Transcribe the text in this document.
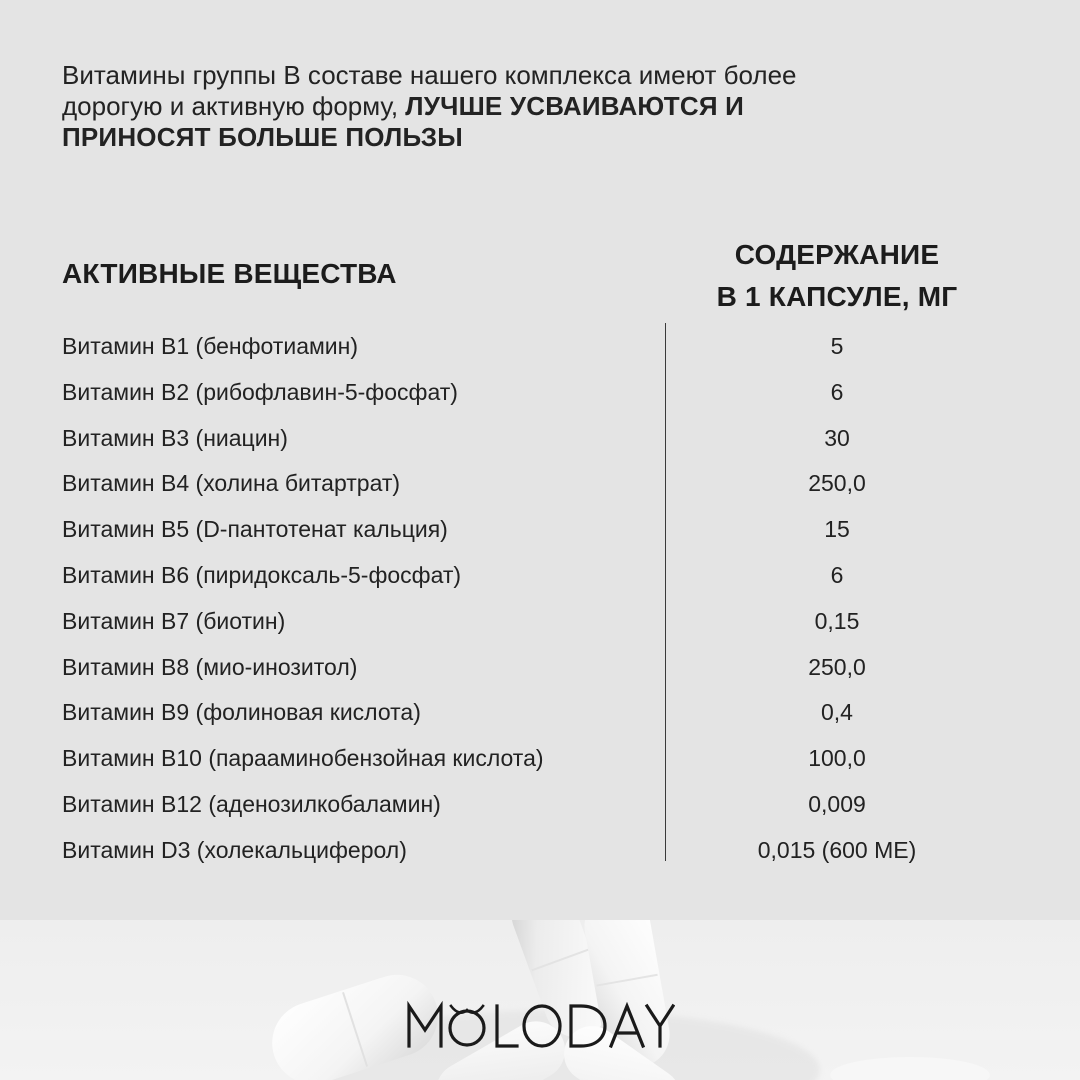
Витамины группы В составе нашего комплекса имеют более дорогую и активную форму, ЛУЧШЕ УСВАИВАЮТСЯ И ПРИНОСЯТ БОЛЬШЕ ПОЛЬЗЫ
АКТИВНЫЕ ВЕЩЕСТВА
СОДЕРЖАНИЕ
В 1 КАПСУЛЕ, МГ
Витамин B1 (бенфотиамин)	5
Витамин B2 (рибофлавин-5-фосфат)	6
Витамин B3 (ниацин)	30
Витамин B4 (холина битартрат)	250,0
Витамин B5 (D-пантотенат кальция)	15
Витамин B6 (пиридоксаль-5-фосфат)	6
Витамин B7 (биотин)	0,15
Витамин B8 (мио-инозитол)	250,0
Витамин B9 (фолиновая кислота)	0,4
Витамин B10 (парааминобензойная кислота)	100,0
Витамин B12 (аденозилкобаламин)	0,009
Витамин D3 (холекальциферол)	0,015 (600 МЕ)
